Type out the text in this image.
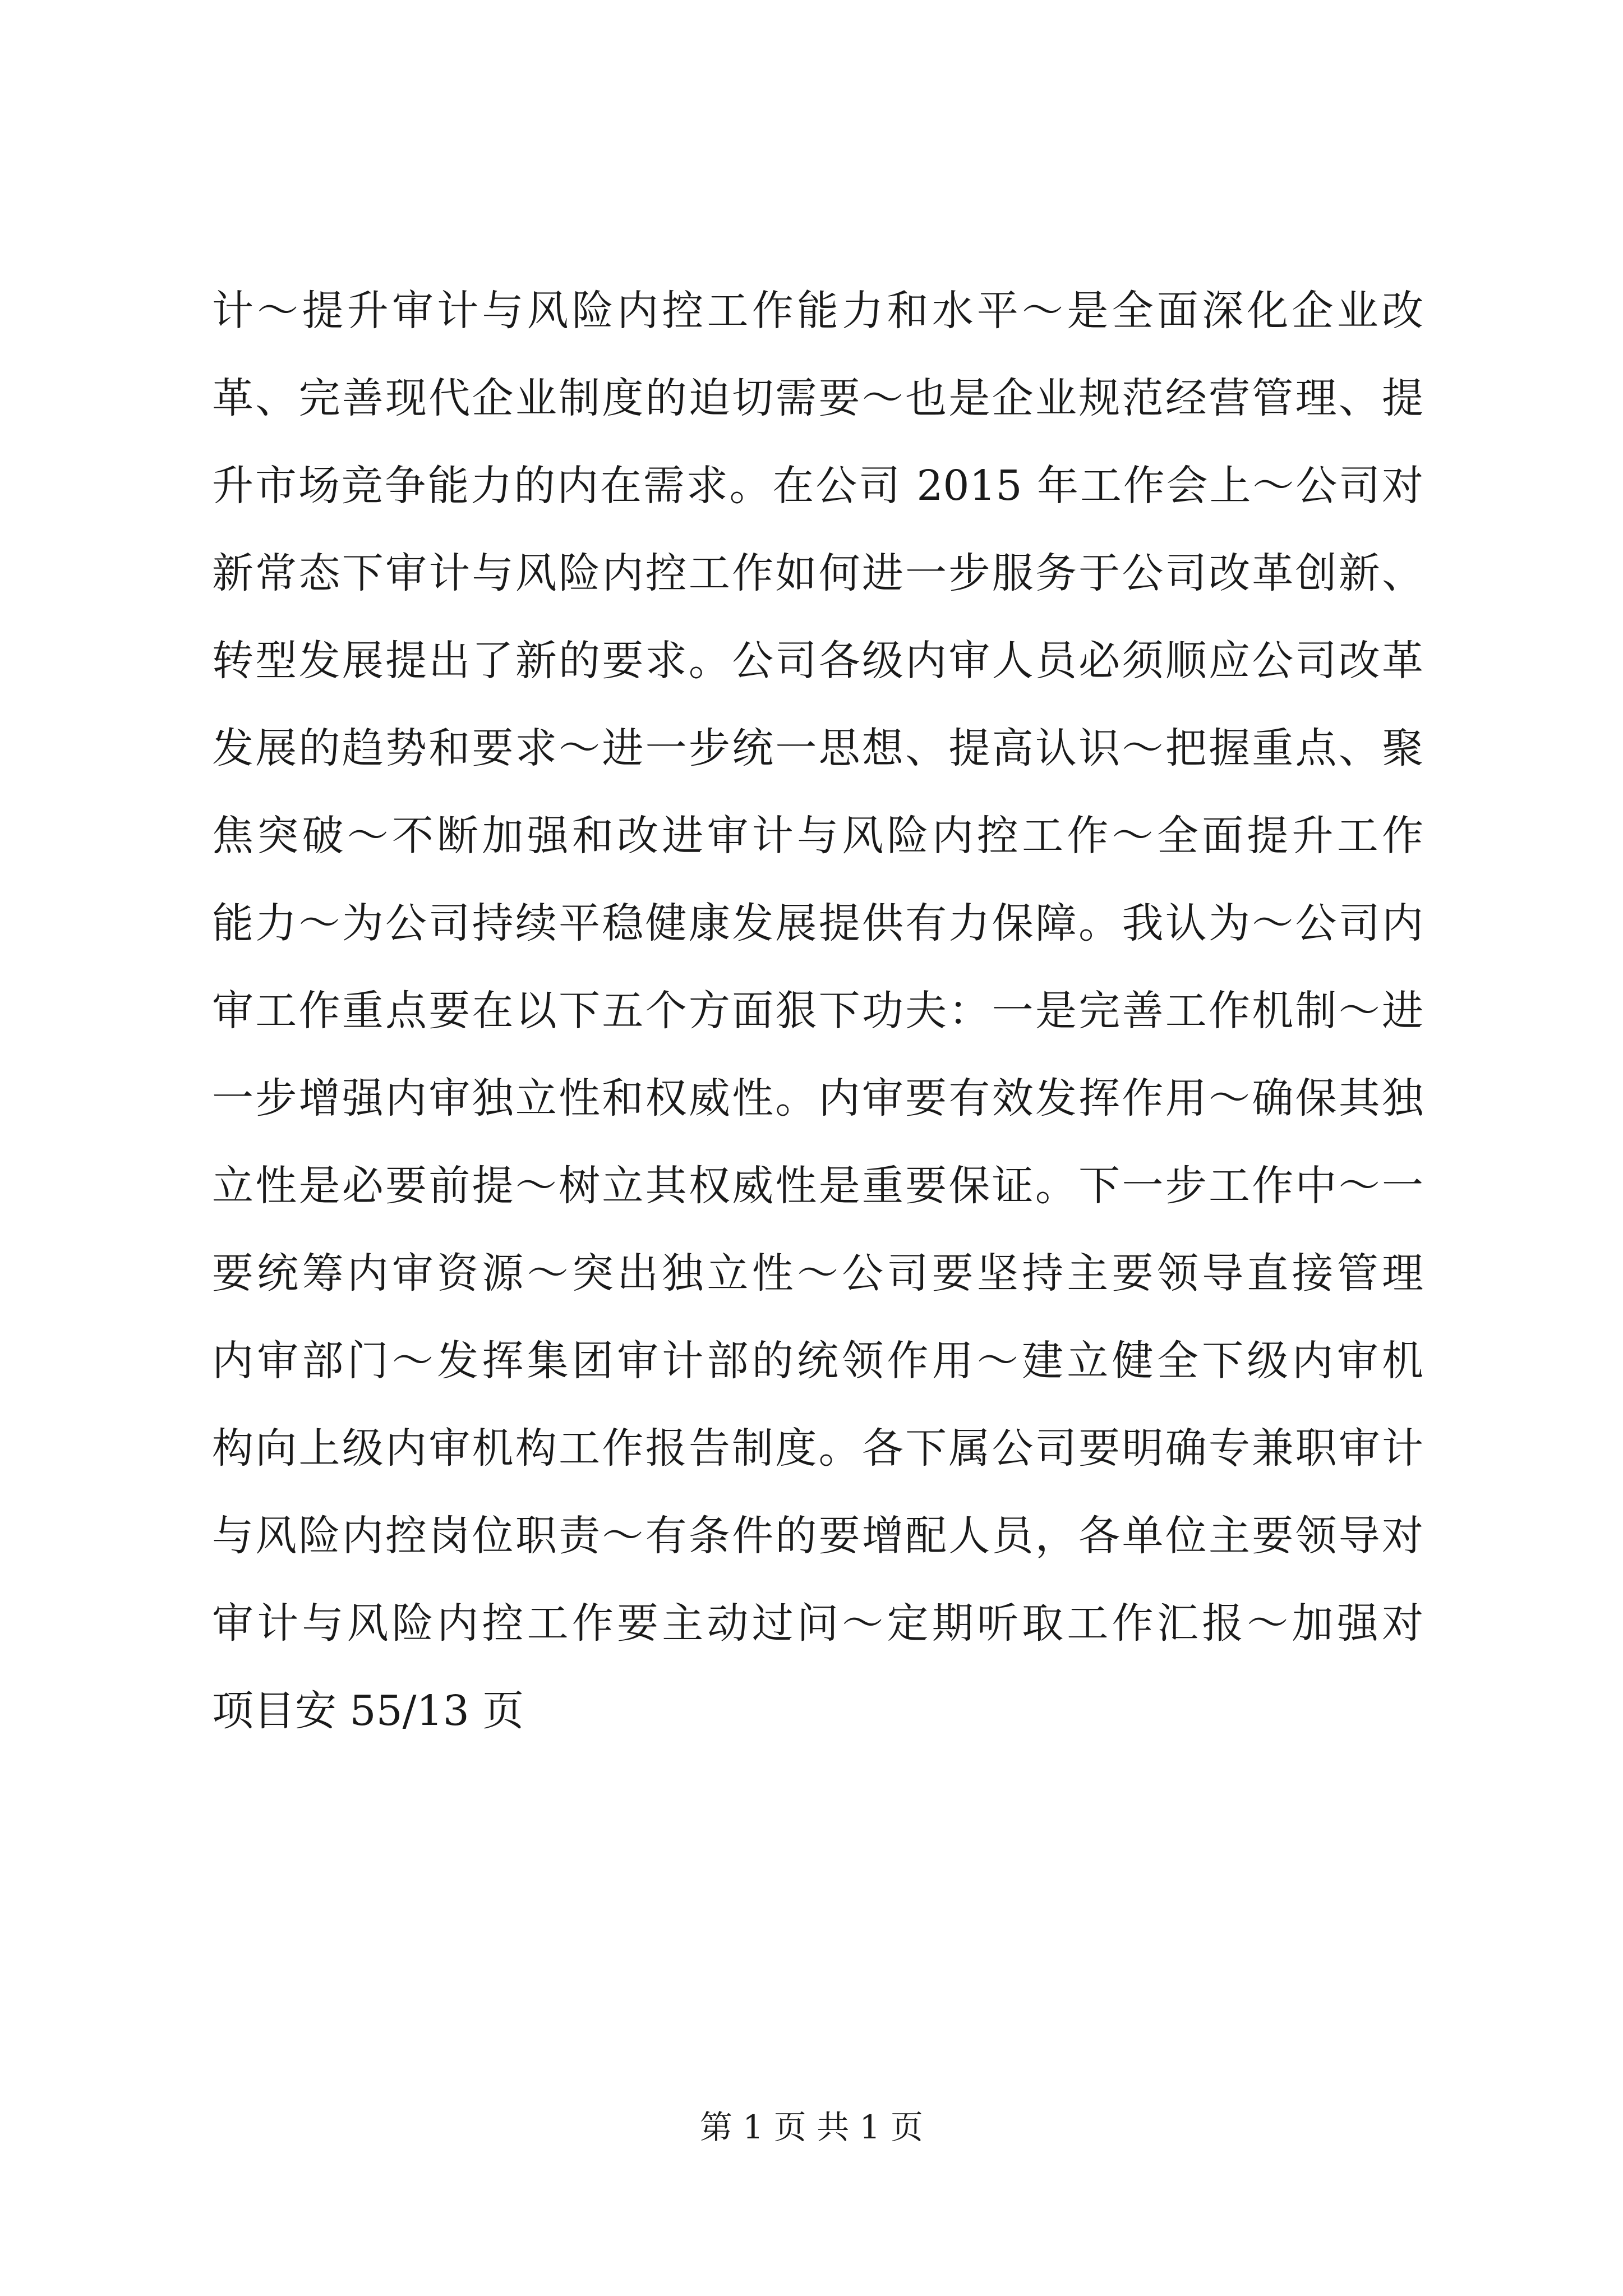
计～提升审计与风险内控工作能力和水平～是全面深化企业改
革、完善现代企业制度的迫切需要～也是企业规范经营管理、提
升市场竞争能力的内在需求。在公司 2015 年工作会上～公司对
新常态下审计与风险内控工作如何进一步服务于公司改革创新、
转型发展提出了新的要求。公司各级内审人员必须顺应公司改革
发展的趋势和要求～进一步统一思想、提高认识～把握重点、聚
焦突破～不断加强和改进审计与风险内控工作～全面提升工作
能力～为公司持续平稳健康发展提供有力保障。我认为～公司内
审工作重点要在以下五个方面狠下功夫：一是完善工作机制～进
一步增强内审独立性和权威性。内审要有效发挥作用～确保其独
立性是必要前提～树立其权威性是重要保证。下一步工作中～一
要统筹内审资源～突出独立性～公司要坚持主要领导直接管理
内审部门～发挥集团审计部的统领作用～建立健全下级内审机
构向上级内审机构工作报告制度。各下属公司要明确专兼职审计
与风险内控岗位职责～有条件的要增配人员，各单位主要领导对
审计与风险内控工作要主动过问～定期听取工作汇报～加强对
项目安 55/13 页
第 1 页 共 1 页
